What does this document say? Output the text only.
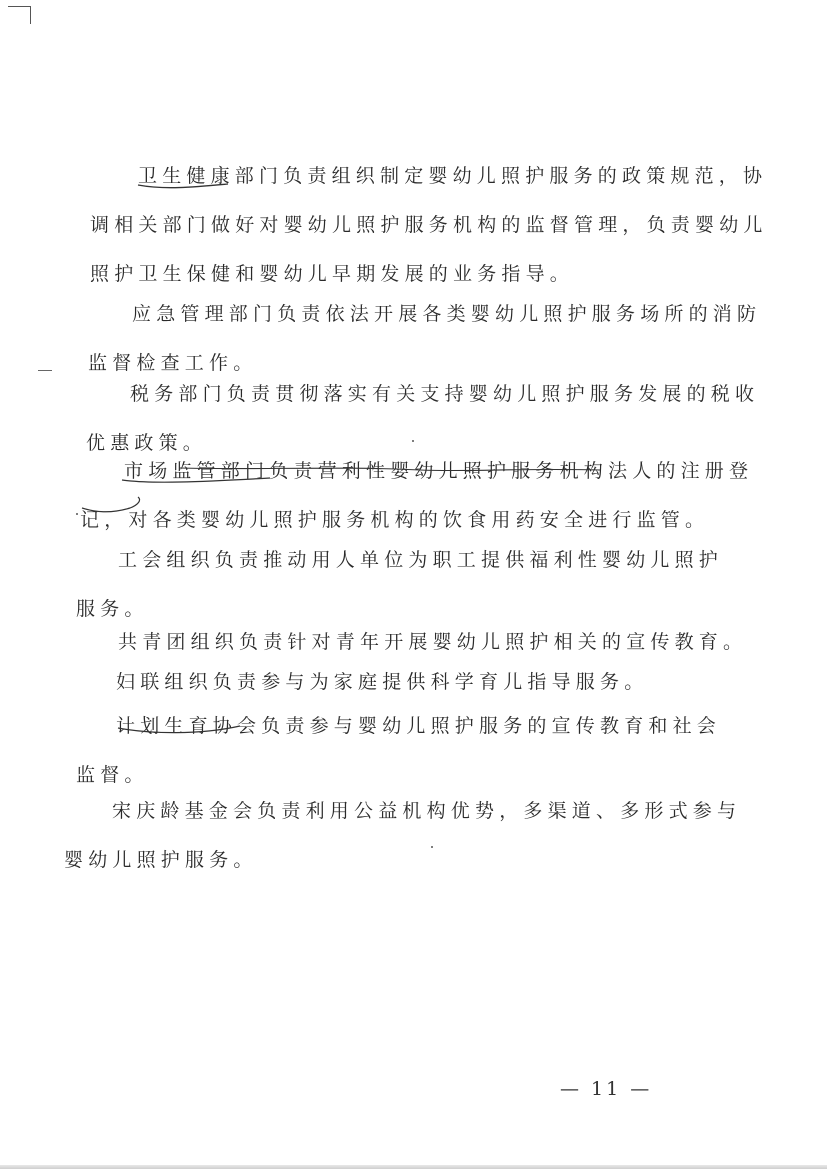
卫生健康部门负责组织制定婴幼儿照护服务的政策规范，协
调相关部门做好对婴幼儿照护服务机构的监督管理，负责婴幼儿
照护卫生保健和婴幼儿早期发展的业务指导。
应急管理部门负责依法开展各类婴幼儿照护服务场所的消防
监督检查工作。
税务部门负责贯彻落实有关支持婴幼儿照护服务发展的税收
优惠政策。
市场监管部门负责营利性婴幼儿照护服务机构法人的注册登
记，对各类婴幼儿照护服务机构的饮食用药安全进行监管。
工会组织负责推动用人单位为职工提供福利性婴幼儿照护
服务。
共青团组织负责针对青年开展婴幼儿照护相关的宣传教育。
妇联组织负责参与为家庭提供科学育儿指导服务。
计划生育协会负责参与婴幼儿照护服务的宣传教育和社会
监督。
宋庆龄基金会负责利用公益机构优势，多渠道、多形式参与
婴幼儿照护服务。
— 11 —
